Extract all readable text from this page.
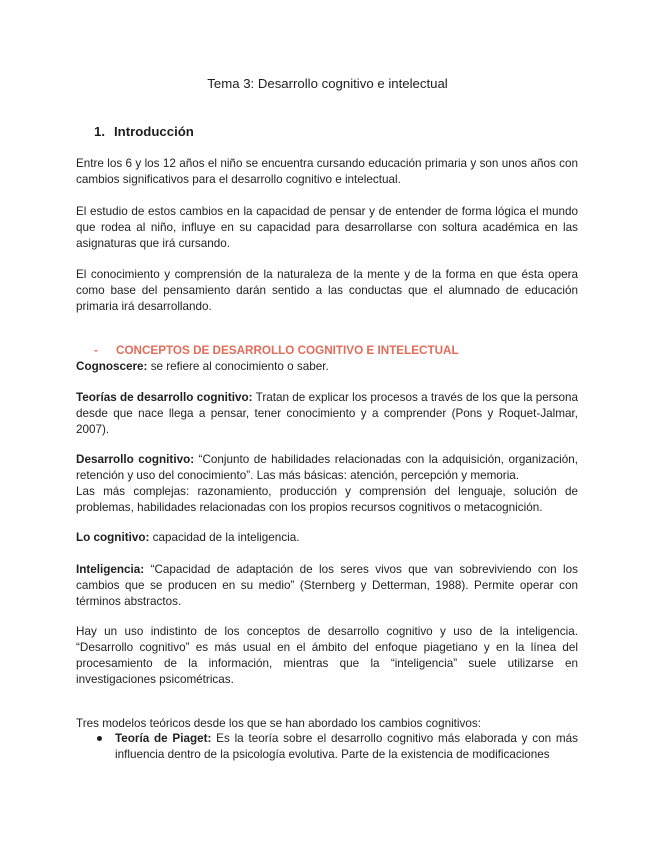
Tema 3: Desarrollo cognitivo e intelectual
1. Introducción

Entre los 6 y los 12 años el niño se encuentra cursando educación primaria y son unos años con cambios significativos para el desarrollo cognitivo e intelectual.

El estudio de estos cambios en la capacidad de pensar y de entender de forma lógica el mundo que rodea al niño, influye en su capacidad para desarrollarse con soltura académica en las asignaturas que irá cursando.

El conocimiento y comprensión de la naturaleza de la mente y de la forma en que ésta opera como base del pensamiento darán sentido a las conductas que el alumnado de educación primaria irá desarrollando.

- CONCEPTOS DE DESARROLLO COGNITIVO E INTELECTUAL

Cognoscere: se refiere al conocimiento o saber.

Teorías de desarrollo cognitivo: Tratan de explicar los procesos a través de los que la persona desde que nace llega a pensar, tener conocimiento y a comprender (Pons y Roquet-Jalmar, 2007).

Desarrollo cognitivo: “Conjunto de habilidades relacionadas con la adquisición, organización, retención y uso del conocimiento”. Las más básicas: atención, percepción y memoria.
Las más complejas: razonamiento, producción y comprensión del lenguaje, solución de problemas, habilidades relacionadas con los propios recursos cognitivos o metacognición.

Lo cognitivo: capacidad de la inteligencia.

Inteligencia: “Capacidad de adaptación de los seres vivos que van sobreviviendo con los cambios que se producen en su medio” (Sternberg y Detterman, 1988). Permite operar con términos abstractos.

Hay un uso indistinto de los conceptos de desarrollo cognitivo y uso de la inteligencia. “Desarrollo cognitivo” es más usual en el ámbito del enfoque piagetiano y en la línea del procesamiento de la información, mientras que la “inteligencia” suele utilizarse en investigaciones psicométricas.

Tres modelos teóricos desde los que se han abordado los cambios cognitivos:

Teoría de Piaget: Es la teoría sobre el desarrollo cognitivo más elaborada y con más influencia dentro de la psicología evolutiva. Parte de la existencia de modificaciones
